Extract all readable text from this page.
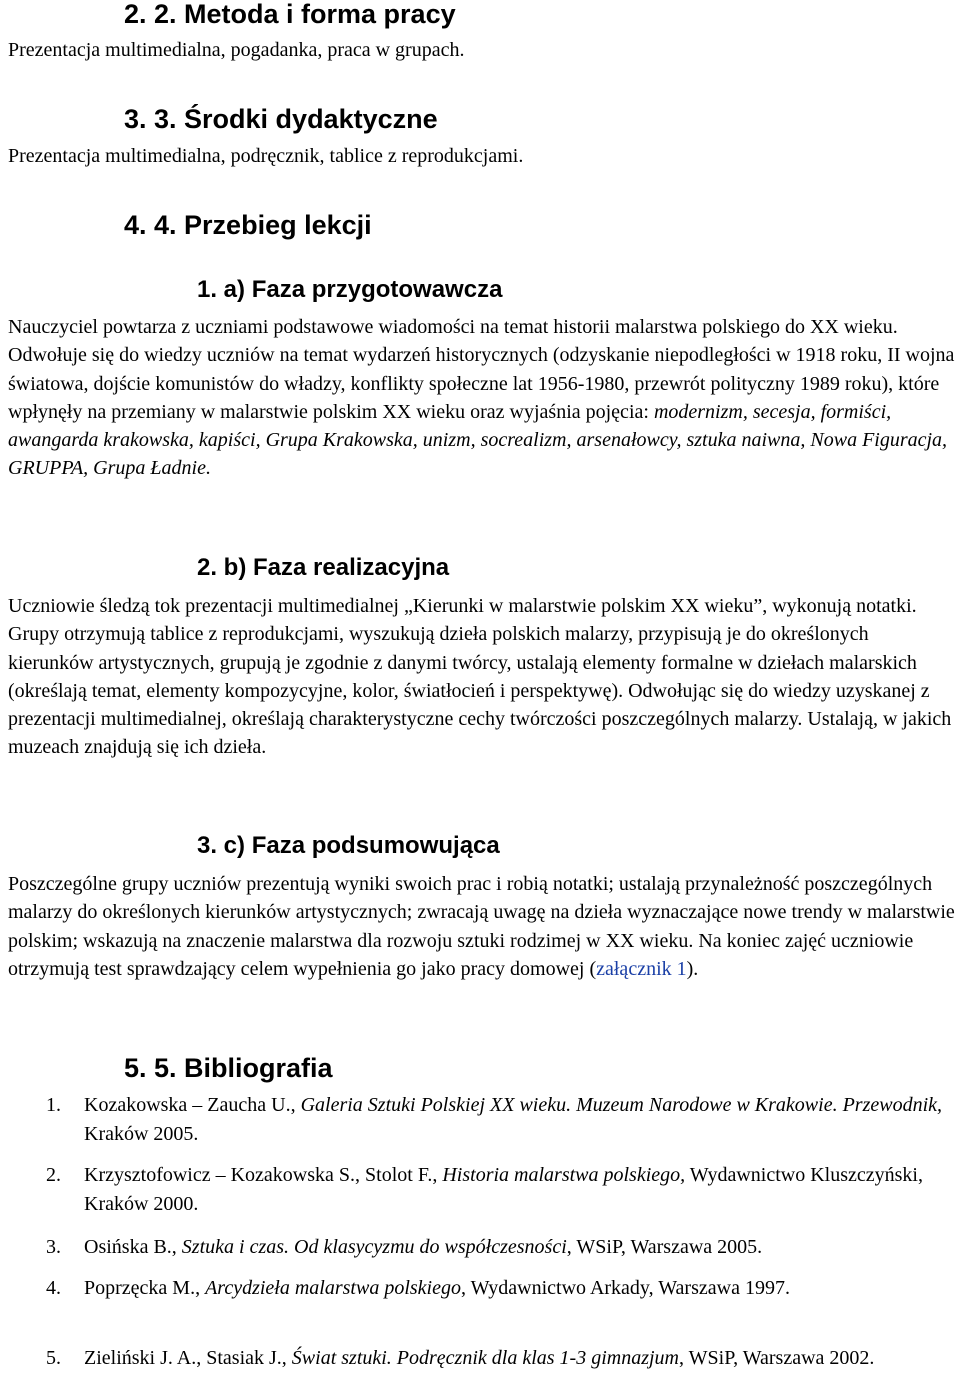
2. 2. Metoda i forma pracy

Prezentacja multimedialna, pogadanka, praca w grupach.

3. 3. Środki dydaktyczne

Prezentacja multimedialna, podręcznik, tablice z reprodukcjami.

4. 4. Przebieg lekcji
1. a) Faza przygotowawcza

Nauczyciel powtarza z uczniami podstawowe wiadomości na temat historii malarstwa polskiego do XX wieku. Odwołuje się do wiedzy uczniów na temat wydarzeń historycznych (odzyskanie niepodległości w 1918 roku, II wojna światowa, dojście komunistów do władzy, konflikty społeczne lat 1956-1980, przewrót polityczny 1989 roku), które wpłynęły na przemiany w malarstwie polskim XX wieku oraz wyjaśnia pojęcia: modernizm, secesja, formiści, awangarda krakowska, kapiści, Grupa Krakowska, unizm, socrealizm, arsenałowcy, sztuka naiwna, Nowa Figuracja, GRUPPA, Grupa Ładnie.

2. b) Faza realizacyjna

Uczniowie śledzą tok prezentacji multimedialnej „Kierunki w malarstwie polskim XX wieku”, wykonują notatki. Grupy otrzymują tablice z reprodukcjami, wyszukują dzieła polskich malarzy, przypisują je do określonych kierunków artystycznych, grupują je zgodnie z danymi twórcy, ustalają elementy formalne w dziełach malarskich (określają temat, elementy kompozycyjne, kolor, światłocień i perspektywę). Odwołując się do wiedzy uzyskanej z prezentacji multimedialnej, określają charakterystyczne cechy twórczości poszczególnych malarzy. Ustalają, w jakich muzeach znajdują się ich dzieła.

3. c) Faza podsumowująca

Poszczególne grupy uczniów prezentują wyniki swoich prac i robią notatki; ustalają przynależność poszczególnych malarzy do określonych kierunków artystycznych; zwracają uwagę na dzieła wyznaczające nowe trendy w malarstwie polskim; wskazują na znaczenie malarstwa dla rozwoju sztuki rodzimej w XX wieku. Na koniec zajęć uczniowie otrzymują test sprawdzający celem wypełnienia go jako pracy domowej (załącznik 1).

5. 5. Bibliografia
1. Kozakowska – Zaucha U., Galeria Sztuki Polskiej XX wieku. Muzeum Narodowe w Krakowie. Przewodnik, Kraków 2005.
2. Krzysztofowicz – Kozakowska S., Stolot F., Historia malarstwa polskiego, Wydawnictwo Kluszczyński, Kraków 2000.
3. Osińska B., Sztuka i czas. Od klasycyzmu do współczesności, WSiP, Warszawa 2005.
4. Poprzęcka M., Arcydzieła malarstwa polskiego, Wydawnictwo Arkady, Warszawa 1997.
5. Zieliński J. A., Stasiak J., Świat sztuki. Podręcznik dla klas 1-3 gimnazjum, WSiP, Warszawa 2002.
